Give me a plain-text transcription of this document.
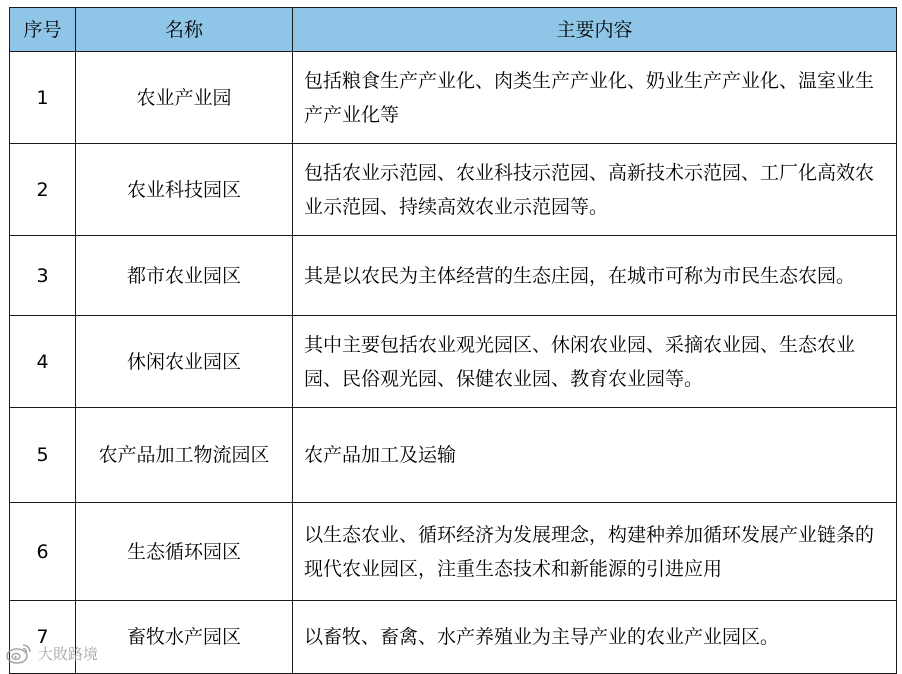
序号	名称	主要内容
1	农业产业园	包括粮食生产产业化、肉类生产产业化、奶业生产产业化、温室业生产产业化等
2	农业科技园区	包括农业示范园、农业科技示范园、高新技术示范园、工厂化高效农业示范园、持续高效农业示范园等。
3	都市农业园区	其是以农民为主体经营的生态庄园，在城市可称为市民生态农园。
4	休闲农业园区	其中主要包括农业观光园区、休闲农业园、采摘农业园、生态农业园、民俗观光园、保健农业园、教育农业园等。
5	农产品加工物流园区	农产品加工及运输
6	生态循环园区	以生态农业、循环经济为发展理念，构建种养加循环发展产业链条的现代农业园区，注重生态技术和新能源的引进应用
7	畜牧水产园区	以畜牧、畜禽、水产养殖业为主导产业的农业产业园区。
大敗路境
